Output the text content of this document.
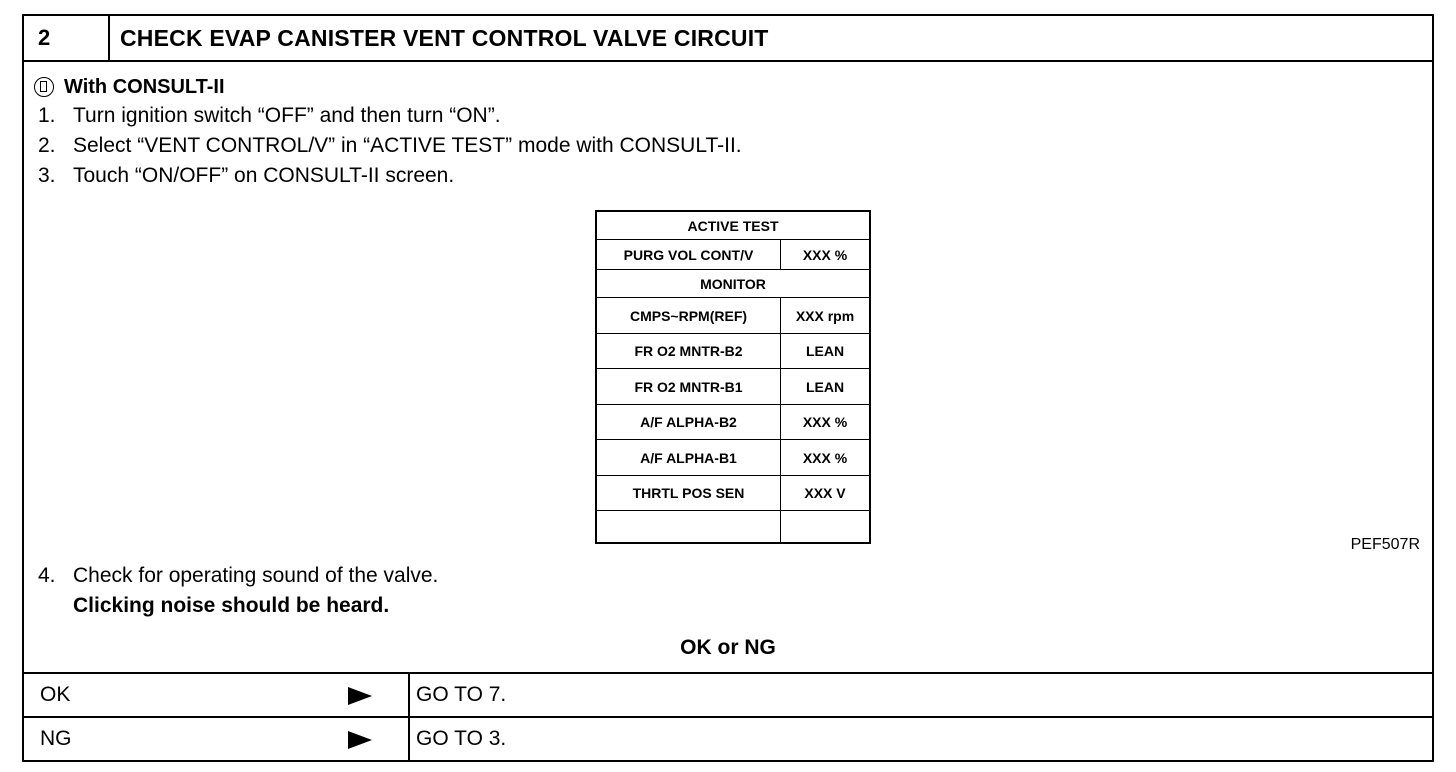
2	CHECK EVAP CANISTER VENT CONTROL VALVE CIRCUIT
With CONSULT-II
1. Turn ignition switch “OFF” and then turn “ON”.
2. Select “VENT CONTROL/V” in “ACTIVE TEST” mode with CONSULT-II.
3. Touch “ON/OFF” on CONSULT-II screen.
ACTIVE TEST
PURG VOL CONT/V	XXX %
MONITOR
CMPS~RPM(REF)	XXX rpm
FR O2 MNTR-B2	LEAN
FR O2 MNTR-B1	LEAN
A/F ALPHA-B2	XXX %
A/F ALPHA-B1	XXX %
THRTL POS SEN	XXX V
PEF507R
4. Check for operating sound of the valve.
Clicking noise should be heard.
OK or NG
OK	GO TO 7.
NG	GO TO 3.
